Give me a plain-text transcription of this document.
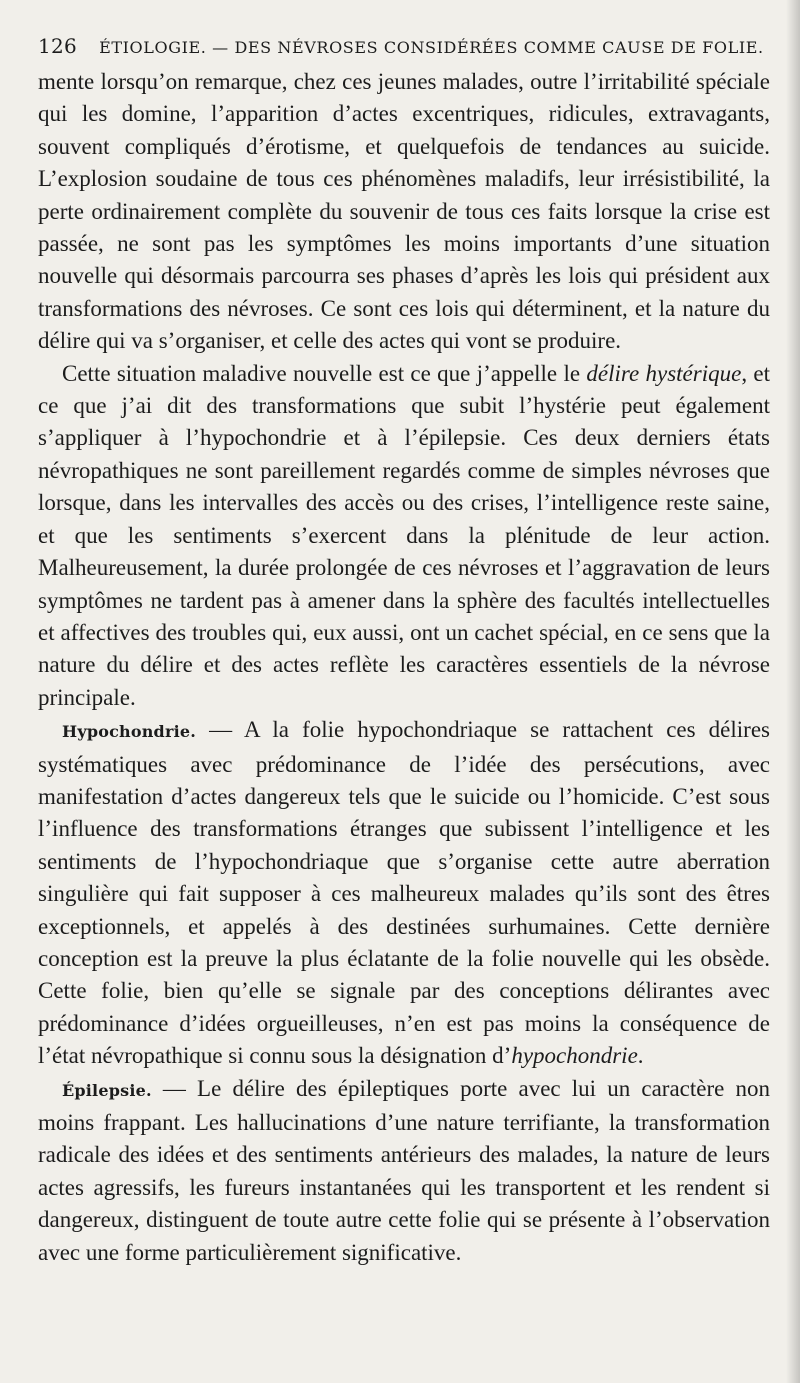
126 ÉTIOLOGIE. — DES NÉVROSES CONSIDÉRÉES COMME CAUSE DE FOLIE.

mente lorsqu’on remarque, chez ces jeunes malades, outre l’irritabilité spéciale qui les domine, l’apparition d’actes excentriques, ridicules, extravagants, souvent compliqués d’érotisme, et quelquefois de tendances au suicide. L’explosion soudaine de tous ces phénomènes maladifs, leur irrésistibilité, la perte ordinairement complète du souvenir de tous ces faits lorsque la crise est passée, ne sont pas les symptômes les moins importants d’une situation nouvelle qui désormais parcourra ses phases d’après les lois qui président aux transformations des névroses. Ce sont ces lois qui déterminent, et la nature du délire qui va s’organiser, et celle des actes qui vont se produire.

Cette situation maladive nouvelle est ce que j’appelle le délire hystérique, et ce que j’ai dit des transformations que subit l’hystérie peut également s’appliquer à l’hypochondrie et à l’épilepsie. Ces deux derniers états névropathiques ne sont pareillement regardés comme de simples névroses que lorsque, dans les intervalles des accès ou des crises, l’intelligence reste saine, et que les sentiments s’exercent dans la plénitude de leur action. Malheureusement, la durée prolongée de ces névroses et l’aggravation de leurs symptômes ne tardent pas à amener dans la sphère des facultés intellectuelles et affectives des troubles qui, eux aussi, ont un cachet spécial, en ce sens que la nature du délire et des actes reflète les caractères essentiels de la névrose principale.

Hypochondrie. — A la folie hypochondriaque se rattachent ces délires systématiques avec prédominance de l’idée des persécutions, avec manifestation d’actes dangereux tels que le suicide ou l’homicide. C’est sous l’influence des transformations étranges que subissent l’intelligence et les sentiments de l’hypochondriaque que s’organise cette autre aberration singulière qui fait supposer à ces malheureux malades qu’ils sont des êtres exceptionnels, et appelés à des destinées surhumaines. Cette dernière conception est la preuve la plus éclatante de la folie nouvelle qui les obsède. Cette folie, bien qu’elle se signale par des conceptions délirantes avec prédominance d’idées orgueilleuses, n’en est pas moins la conséquence de l’état névropathique si connu sous la désignation d’hypochondrie.

Épilepsie. — Le délire des épileptiques porte avec lui un caractère non moins frappant. Les hallucinations d’une nature terrifiante, la transformation radicale des idées et des sentiments antérieurs des malades, la nature de leurs actes agressifs, les fureurs instantanées qui les transportent et les rendent si dangereux, distinguent de toute autre cette folie qui se présente à l’observation avec une forme particulièrement significative.
